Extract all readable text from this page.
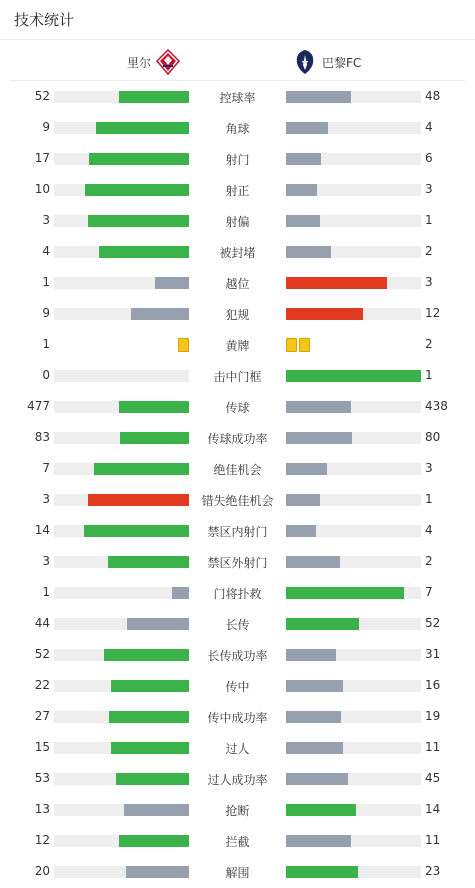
技术统计
里尔	巴黎FC
52	控球率	48
9	角球	4
17	射门	6
10	射正	3
3	射偏	1
4	被封堵	2
1	越位	3
9	犯规	12
1	黄牌	2
0	击中门框	1
477	传球	438
83	传球成功率	80
7	绝佳机会	3
3	错失绝佳机会	1
14	禁区内射门	4
3	禁区外射门	2
1	门将扑救	7
44	长传	52
52	长传成功率	31
22	传中	16
27	传中成功率	19
15	过人	11
53	过人成功率	45
13	抢断	14
12	拦截	11
20	解围	23
